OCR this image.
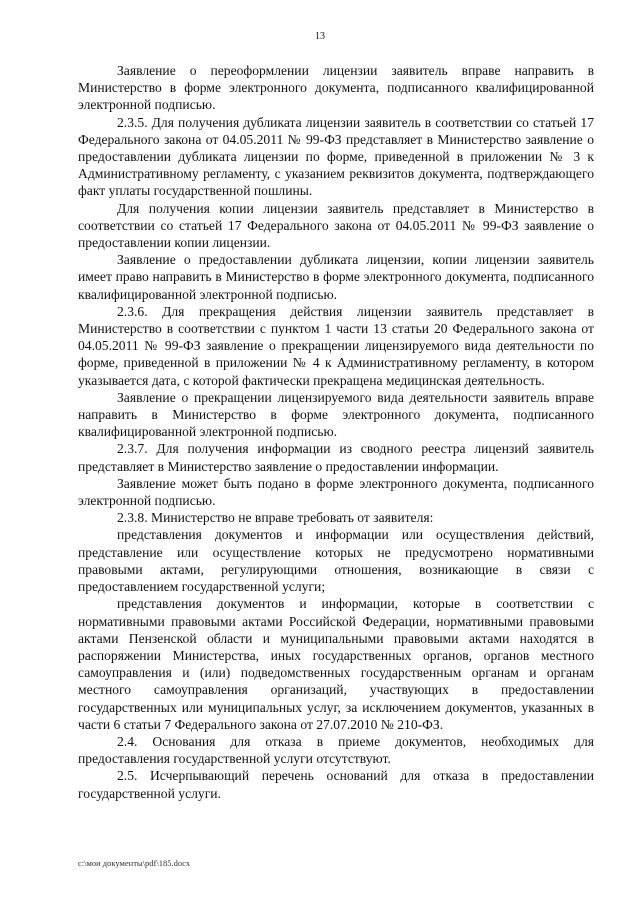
13

Заявление о переоформлении лицензии заявитель вправе направить в Министерство в форме электронного документа, подписанного квалифицированной электронной подписью.

2.3.5. Для получения дубликата лицензии заявитель в соответствии со статьей 17 Федерального закона от 04.05.2011 № 99-ФЗ представляет в Министерство заявление о предоставлении дубликата лицензии по форме, приведенной в приложении № 3 к Административному регламенту, с указанием реквизитов документа, подтверждающего факт уплаты государственной пошлины.

Для получения копии лицензии заявитель представляет в Министерство в соответствии со статьей 17 Федерального закона от 04.05.2011 № 99-ФЗ заявление о предоставлении копии лицензии.

Заявление о предоставлении дубликата лицензии, копии лицензии заявитель имеет право направить в Министерство в форме электронного документа, подписанного квалифицированной электронной подписью.

2.3.6. Для прекращения действия лицензии заявитель представляет в Министерство в соответствии с пунктом 1 части 13 статьи 20 Федерального закона от 04.05.2011 № 99-ФЗ заявление о прекращении лицензируемого вида деятельности по форме, приведенной в приложении № 4 к Административному регламенту, в котором указывается дата, с которой фактически прекращена медицинская деятельность.

Заявление о прекращении лицензируемого вида деятельности заявитель вправе направить в Министерство в форме электронного документа, подписанного квалифицированной электронной подписью.

2.3.7. Для получения информации из сводного реестра лицензий заявитель представляет в Министерство заявление о предоставлении информации.

Заявление может быть подано в форме электронного документа, подписанного электронной подписью.

2.3.8. Министерство не вправе требовать от заявителя:

представления документов и информации или осуществления действий, представление или осуществление которых не предусмотрено нормативными правовыми актами, регулирующими отношения, возникающие в связи с предоставлением государственной услуги;

представления документов и информации, которые в соответствии с нормативными правовыми актами Российской Федерации, нормативными правовыми актами Пензенской области и муниципальными правовыми актами находятся в распоряжении Министерства, иных государственных органов, органов местного самоуправления и (или) подведомственных государственным органам и органам местного самоуправления организаций, участвующих в предоставлении государственных или муниципальных услуг, за исключением документов, указанных в части 6 статьи 7 Федерального закона от 27.07.2010 № 210-ФЗ.

2.4. Основания для отказа в приеме документов, необходимых для предоставления государственной услуги отсутствуют.

2.5. Исчерпывающий перечень оснований для отказа в предоставлении государственной услуги.

c:\мои документы\pdf\185.docx
